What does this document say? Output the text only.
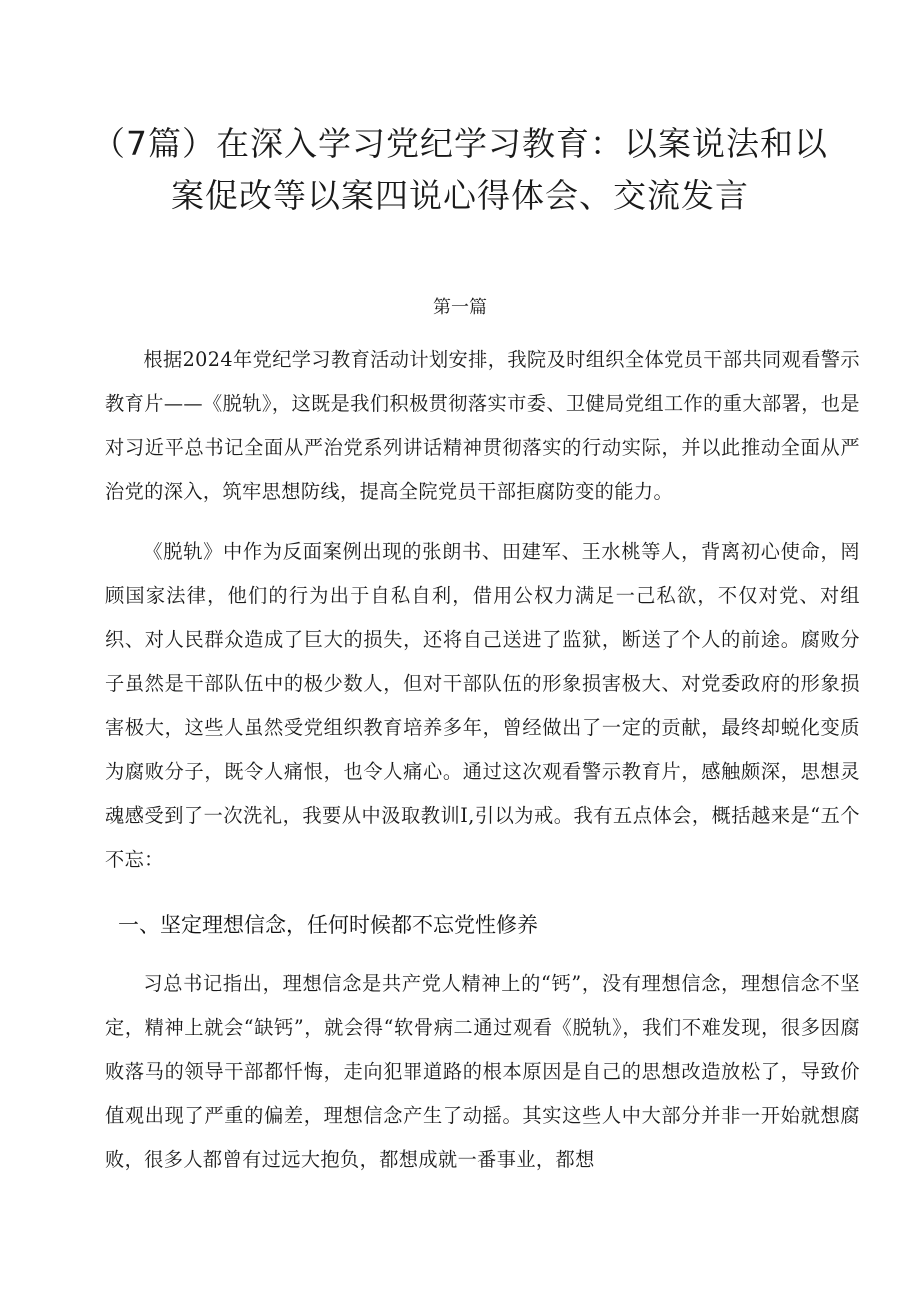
（7篇）在深入学习党纪学习教育：以案说法和以
案促改等以案四说心得体会、交流发言

第一篇

根据2024年党纪学习教育活动计划安排，我院及时组织全体党员干部共同观看警示教育片——《脱轨》，这既是我们积极贯彻落实市委、卫健局党组工作的重大部署，也是对习近平总书记全面从严治党系列讲话精神贯彻落实的行动实际，并以此推动全面从严治党的深入，筑牢思想防线，提高全院党员干部拒腐防变的能力。

《脱轨》中作为反面案例出现的张朗书、田建军、王水桃等人，背离初心使命，罔顾国家法律，他们的行为出于自私自利，借用公权力满足一己私欲，不仅对党、对组织、对人民群众造成了巨大的损失，还将自己送进了监狱，断送了个人的前途。腐败分子虽然是干部队伍中的极少数人，但对干部队伍的形象损害极大、对党委政府的形象损害极大，这些人虽然受党组织教育培养多年，曾经做出了一定的贡献，最终却蜕化变质为腐败分子，既令人痛恨，也令人痛心。通过这次观看警示教育片，感触颇深，思想灵魂感受到了一次洗礼，我要从中汲取教训I,引以为戒。我有五点体会，概括越来是“五个不忘：

一、坚定理想信念，任何时候都不忘党性修养

习总书记指出，理想信念是共产党人精神上的“钙”，没有理想信念，理想信念不坚定，精神上就会“缺钙”，就会得“软骨病二通过观看《脱轨》，我们不难发现，很多因腐败落马的领导干部都忏悔，走向犯罪道路的根本原因是自己的思想改造放松了，导致价值观出现了严重的偏差，理想信念产生了动摇。其实这些人中大部分并非一开始就想腐败，很多人都曾有过远大抱负，都想成就一番事业，都想
